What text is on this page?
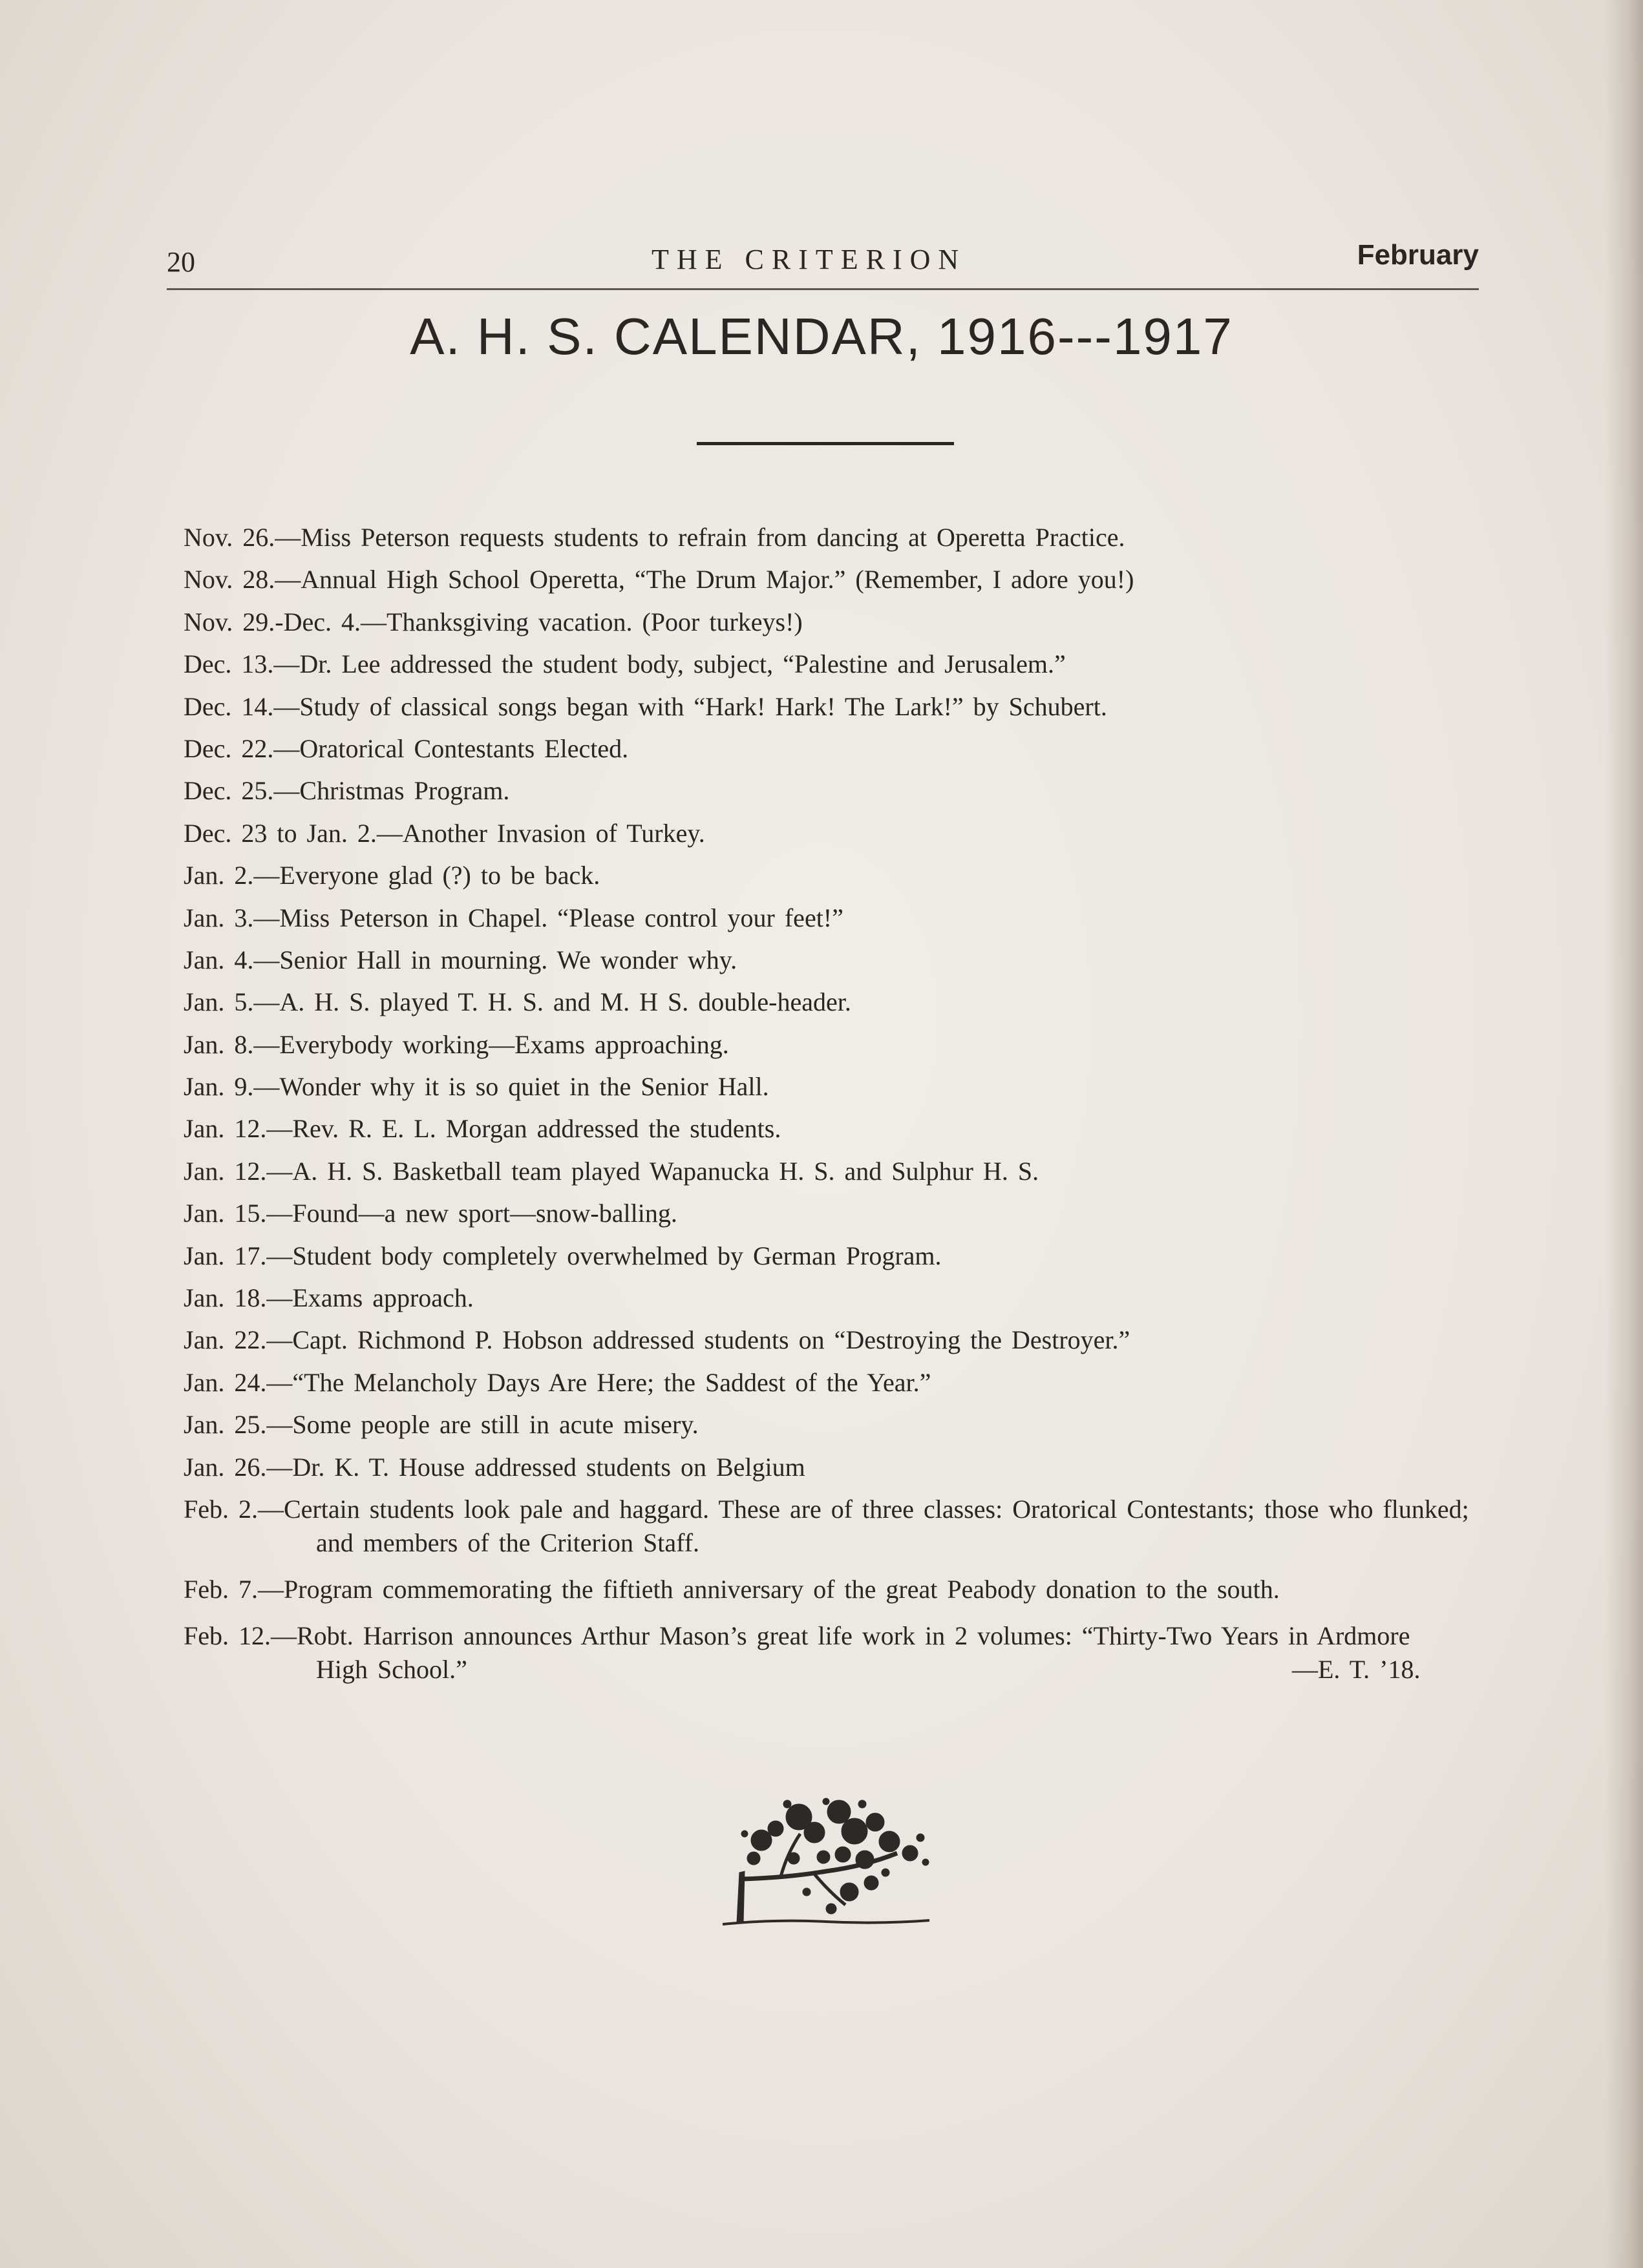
20	THE CRITERION	February
A. H. S. CALENDAR, 1916---1917
Nov. 26.—Miss Peterson requests students to refrain from dancing at Operetta Practice.
Nov. 28.—Annual High School Operetta, “The Drum Major.” (Remember, I adore you!)
Nov. 29.-Dec. 4.—Thanksgiving vacation. (Poor turkeys!)
Dec. 13.—Dr. Lee addressed the student body, subject, “Palestine and Jerusalem.”
Dec. 14.—Study of classical songs began with “Hark! Hark! The Lark!” by Schubert.
Dec. 22.—Oratorical Contestants Elected.
Dec. 25.—Christmas Program.
Dec. 23 to Jan. 2.—Another Invasion of Turkey.
Jan. 2.—Everyone glad (?) to be back.
Jan. 3.—Miss Peterson in Chapel. “Please control your feet!”
Jan. 4.—Senior Hall in mourning. We wonder why.
Jan. 5.—A. H. S. played T. H. S. and M. H S. double-header.
Jan. 8.—Everybody working—Exams approaching.
Jan. 9.—Wonder why it is so quiet in the Senior Hall.
Jan. 12.—Rev. R. E. L. Morgan addressed the students.
Jan. 12.—A. H. S. Basketball team played Wapanucka H. S. and Sulphur H. S.
Jan. 15.—Found—a new sport—snow-balling.
Jan. 17.—Student body completely overwhelmed by German Program.
Jan. 18.—Exams approach.
Jan. 22.—Capt. Richmond P. Hobson addressed students on “Destroying the Destroyer.”
Jan. 24.—“The Melancholy Days Are Here; the Saddest of the Year.”
Jan. 25.—Some people are still in acute misery.
Jan. 26.—Dr. K. T. House addressed students on Belgium
Feb. 2.—Certain students look pale and haggard. These are of three classes: Oratorical Contestants; those who flunked; and members of the Criterion Staff.
Feb. 7.—Program commemorating the fiftieth anniversary of the great Peabody donation to the south.
Feb. 12.—Robt. Harrison announces Arthur Mason’s great life work in 2 volumes: “Thirty-Two Years in Ardmore High School.”	—E. T. ’18.
